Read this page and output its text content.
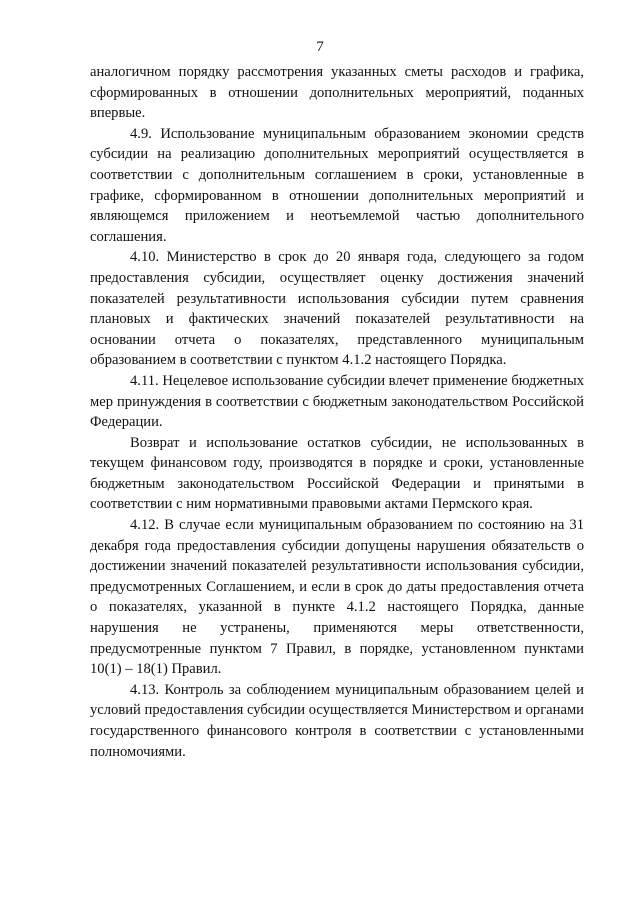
7

аналогичном порядку рассмотрения указанных сметы расходов и графика, сформированных в отношении дополнительных мероприятий, поданных впервые.

4.9. Использование муниципальным образованием экономии средств субсидии на реализацию дополнительных мероприятий осуществляется в соответствии с дополнительным соглашением в сроки, установленные в графике, сформированном в отношении дополнительных мероприятий и являющемся приложением и неотъемлемой частью дополнительного соглашения.

4.10. Министерство в срок до 20 января года, следующего за годом предоставления субсидии, осуществляет оценку достижения значений показателей результативности использования субсидии путем сравнения плановых и фактических значений показателей результативности на основании отчета о показателях, представленного муниципальным образованием в соответствии с пунктом 4.1.2 настоящего Порядка.

4.11. Нецелевое использование субсидии влечет применение бюджетных мер принуждения в соответствии с бюджетным законодательством Российской Федерации.

Возврат и использование остатков субсидии, не использованных в текущем финансовом году, производятся в порядке и сроки, установленные бюджетным законодательством Российской Федерации и принятыми в соответствии с ним нормативными правовыми актами Пермского края.

4.12. В случае если муниципальным образованием по состоянию на 31 декабря года предоставления субсидии допущены нарушения обязательств о достижении значений показателей результативности использования субсидии, предусмотренных Соглашением, и если в срок до даты предоставления отчета о показателях, указанной в пункте 4.1.2 настоящего Порядка, данные нарушения не устранены, применяются меры ответственности, предусмотренные пунктом 7 Правил, в порядке, установленном пунктами 10(1) – 18(1) Правил.

4.13. Контроль за соблюдением муниципальным образованием целей и условий предоставления субсидии осуществляется Министерством и органами государственного финансового контроля в соответствии с установленными полномочиями.
